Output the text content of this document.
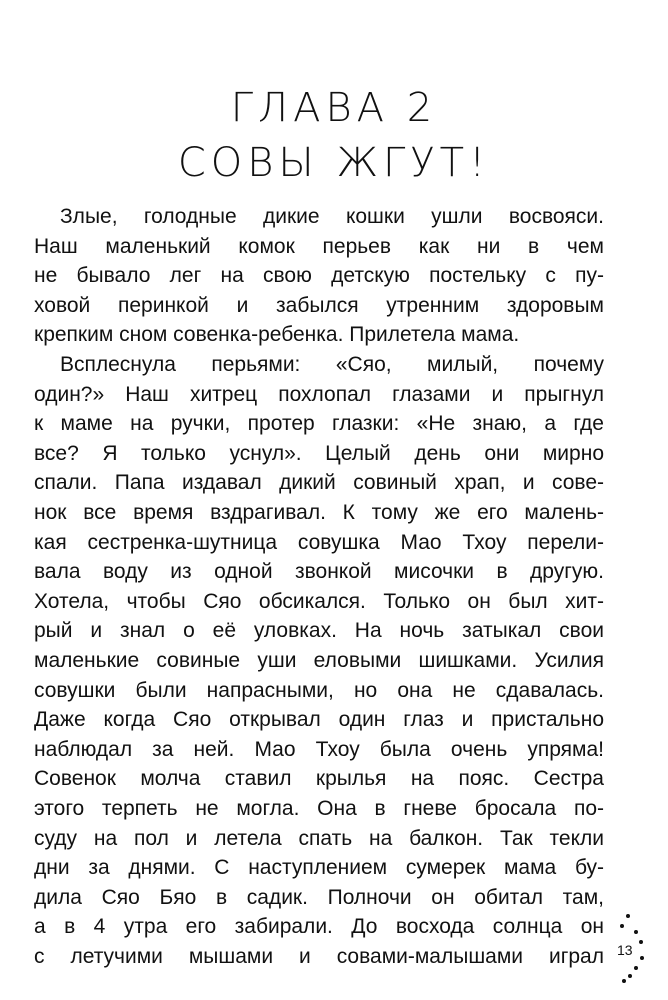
ГЛАВА 2
СОВЫ ЖГУТ!
Злые, голодные дикие кошки ушли восвояси.
Наш маленький комок перьев как ни в чем
не бывало лег на свою детскую постельку с пу-
ховой перинкой и забылся утренним здоровым
крепким сном совенка-ребенка. Прилетела мама.
Всплеснула перьями: «Сяо, милый, почему
один?» Наш хитрец похлопал глазами и прыгнул
к маме на ручки, протер глазки: «Не знаю, а где
все? Я только уснул». Целый день они мирно
спали. Папа издавал дикий совиный храп, и сове-
нок все время вздрагивал. К тому же его малень-
кая сестренка-шутница совушка Мао Тхоу перели-
вала воду из одной звонкой мисочки в другую.
Хотела, чтобы Сяо обсикался. Только он был хит-
рый и знал о её уловках. На ночь затыкал свои
маленькие совиные уши еловыми шишками. Усилия
совушки были напрасными, но она не сдавалась.
Даже когда Сяо открывал один глаз и пристально
наблюдал за ней. Мао Тхоу была очень упряма!
Совенок молча ставил крылья на пояс. Сестра
этого терпеть не могла. Она в гневе бросала по-
суду на пол и летела спать на балкон. Так текли
дни за днями. С наступлением сумерек мама бу-
дила Сяо Бяо в садик. Полночи он обитал там,
а в 4 утра его забирали. До восхода солнца он
с летучими мышами и совами-малышами играл 13
